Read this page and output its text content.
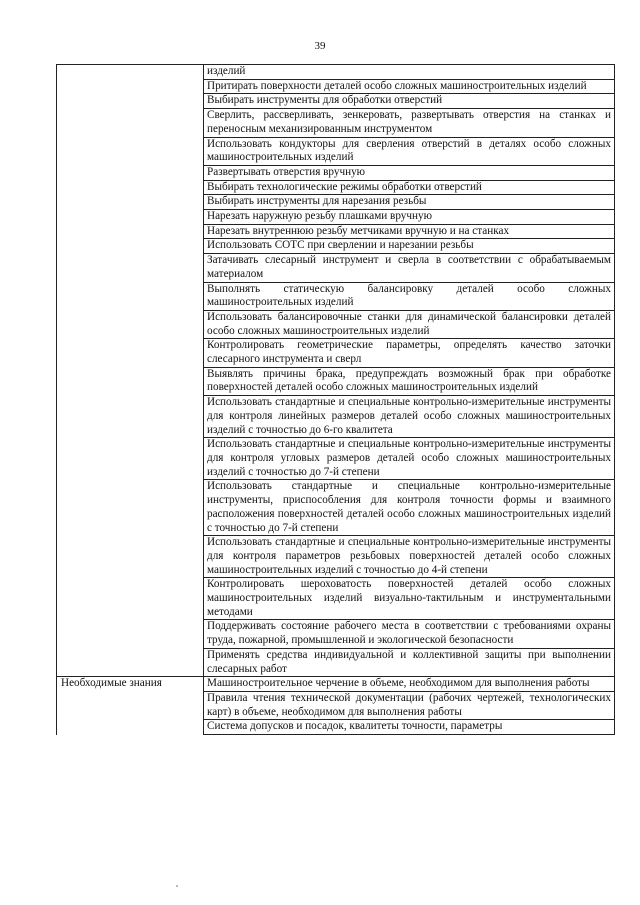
39
	изделий
	Притирать поверхности деталей особо сложных машиностроительных изделий
	Выбирать инструменты для обработки отверстий
	Сверлить, рассверливать, зенкеровать, развертывать отверстия на станках и переносным механизированным инструментом
	Использовать кондукторы для сверления отверстий в деталях особо сложных машиностроительных изделий
	Развертывать отверстия вручную
	Выбирать технологические режимы обработки отверстий
	Выбирать инструменты для нарезания резьбы
	Нарезать наружную резьбу плашками вручную
	Нарезать внутреннюю резьбу метчиками вручную и на станках
	Использовать СОТС при сверлении и нарезании резьбы
	Затачивать слесарный инструмент и сверла в соответствии с обрабатываемым материалом
	Выполнять статическую балансировку деталей особо сложных машиностроительных изделий
	Использовать балансировочные станки для динамической балансировки деталей особо сложных машиностроительных изделий
	Контролировать геометрические параметры, определять качество заточки слесарного инструмента и сверл
	Выявлять причины брака, предупреждать возможный брак при обработке поверхностей деталей особо сложных машиностроительных изделий
	Использовать стандартные и специальные контрольно-измерительные инструменты для контроля линейных размеров деталей особо сложных машиностроительных изделий с точностью до 6-го квалитета
	Использовать стандартные и специальные контрольно-измерительные инструменты для контроля угловых размеров деталей особо сложных машиностроительных изделий с точностью до 7-й степени
	Использовать стандартные и специальные контрольно-измерительные инструменты, приспособления для контроля точности формы и взаимного расположения поверхностей деталей особо сложных машиностроительных изделий с точностью до 7-й степени
	Использовать стандартные и специальные контрольно-измерительные инструменты для контроля параметров резьбовых поверхностей деталей особо сложных машиностроительных изделий с точностью до 4-й степени
	Контролировать шероховатость поверхностей деталей особо сложных машиностроительных изделий визуально-тактильным и инструментальными методами
	Поддерживать состояние рабочего места в соответствии с требованиями охраны труда, пожарной, промышленной и экологической безопасности
	Применять средства индивидуальной и коллективной защиты при выполнении слесарных работ
Необходимые знания	Машиностроительное черчение в объеме, необходимом для выполнения работы
	Правила чтения технической документации (рабочих чертежей, технологических карт) в объеме, необходимом для выполнения работы
	Система допусков и посадок, квалитеты точности, параметры
